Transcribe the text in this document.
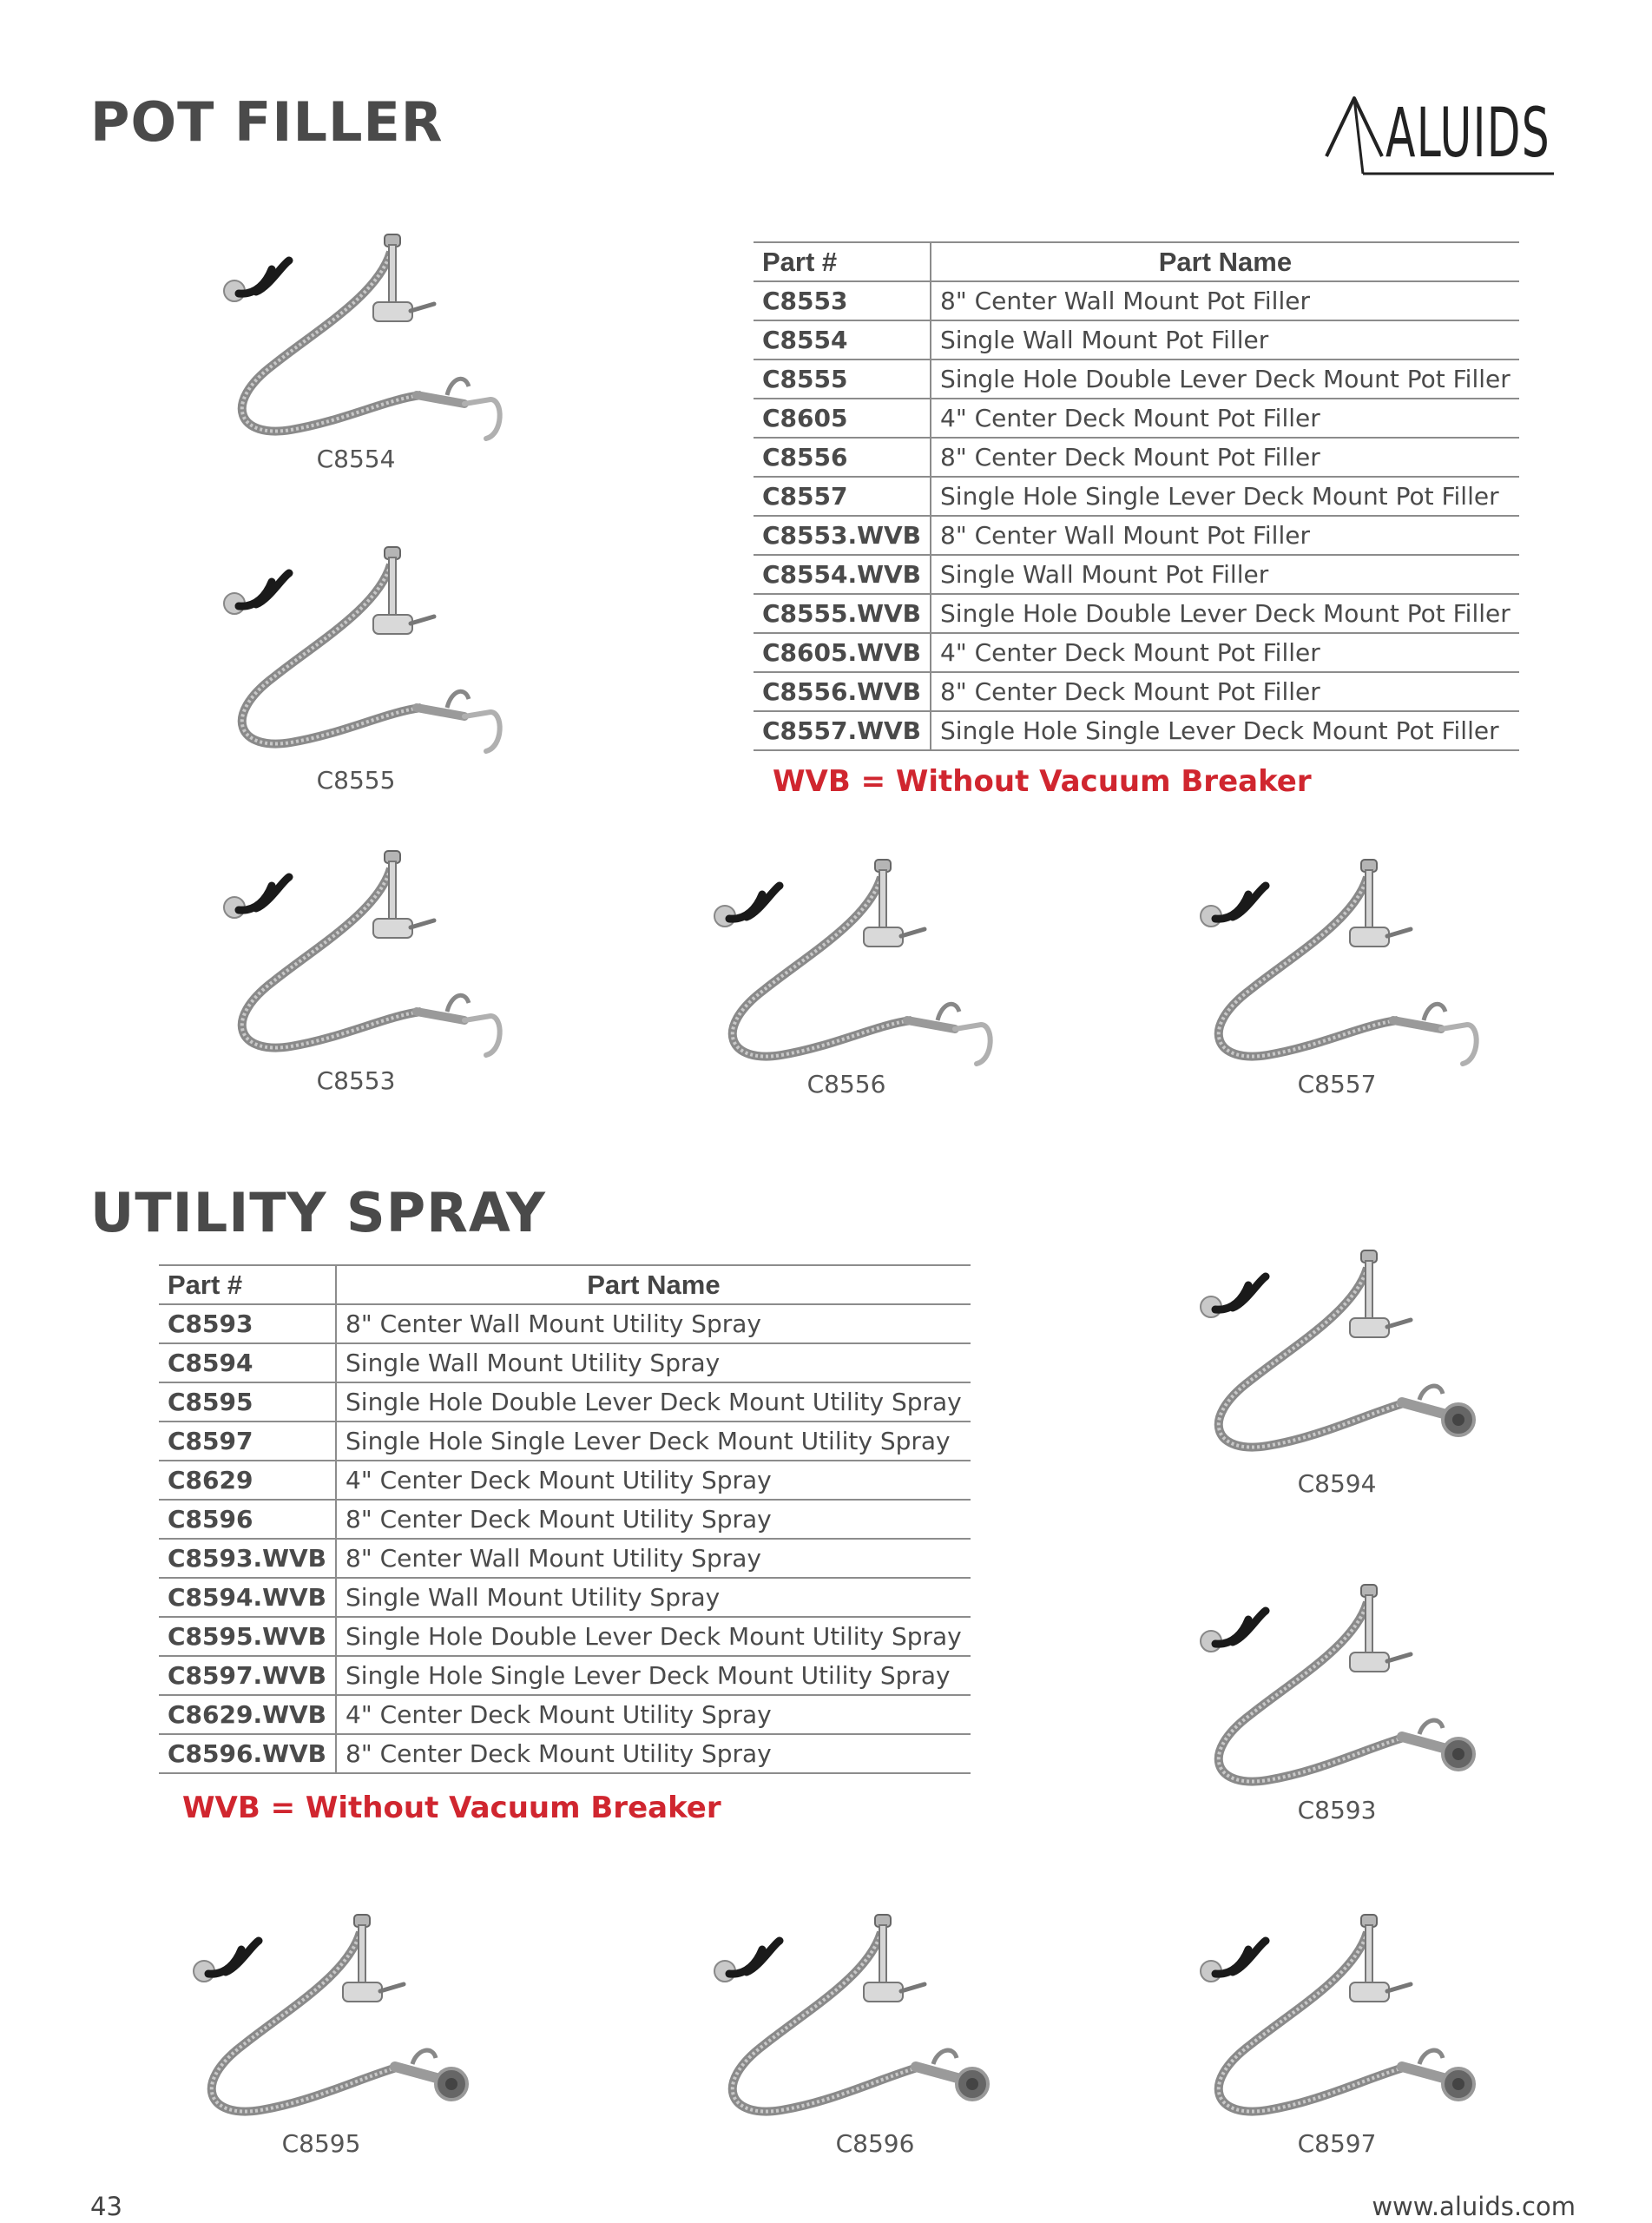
POT FILLER	ALUIDS
Part #	Part Name
C8553	8" Center Wall Mount Pot Filler
C8554	Single Wall Mount Pot Filler
C8555	Single Hole Double Lever Deck Mount Pot Filler
C8605	4" Center Deck Mount Pot Filler
C8556	8" Center Deck Mount Pot Filler
C8557	Single Hole Single Lever Deck Mount Pot Filler
C8553.WVB	8" Center Wall Mount Pot Filler
C8554.WVB	Single Wall Mount Pot Filler
C8555.WVB	Single Hole Double Lever Deck Mount Pot Filler
C8605.WVB	4" Center Deck Mount Pot Filler
C8556.WVB	8" Center Deck Mount Pot Filler
C8557.WVB	Single Hole Single Lever Deck Mount Pot Filler
WVB = Without Vacuum Breaker
C8554
C8555
C8553	C8556	C8557
UTILITY SPRAY
Part #	Part Name
C8593	8" Center Wall Mount Utility Spray
C8594	Single Wall Mount Utility Spray
C8595	Single Hole Double Lever Deck Mount Utility Spray
C8597	Single Hole Single Lever Deck Mount Utility Spray
C8629	4" Center Deck Mount Utility Spray
C8596	8" Center Deck Mount Utility Spray
C8593.WVB	8" Center Wall Mount Utility Spray
C8594.WVB	Single Wall Mount Utility Spray
C8595.WVB	Single Hole Double Lever Deck Mount Utility Spray
C8597.WVB	Single Hole Single Lever Deck Mount Utility Spray
C8629.WVB	4" Center Deck Mount Utility Spray
C8596.WVB	8" Center Deck Mount Utility Spray
WVB = Without Vacuum Breaker
C8594
C8593
C8595	C8596	C8597
43	www.aluids.com
